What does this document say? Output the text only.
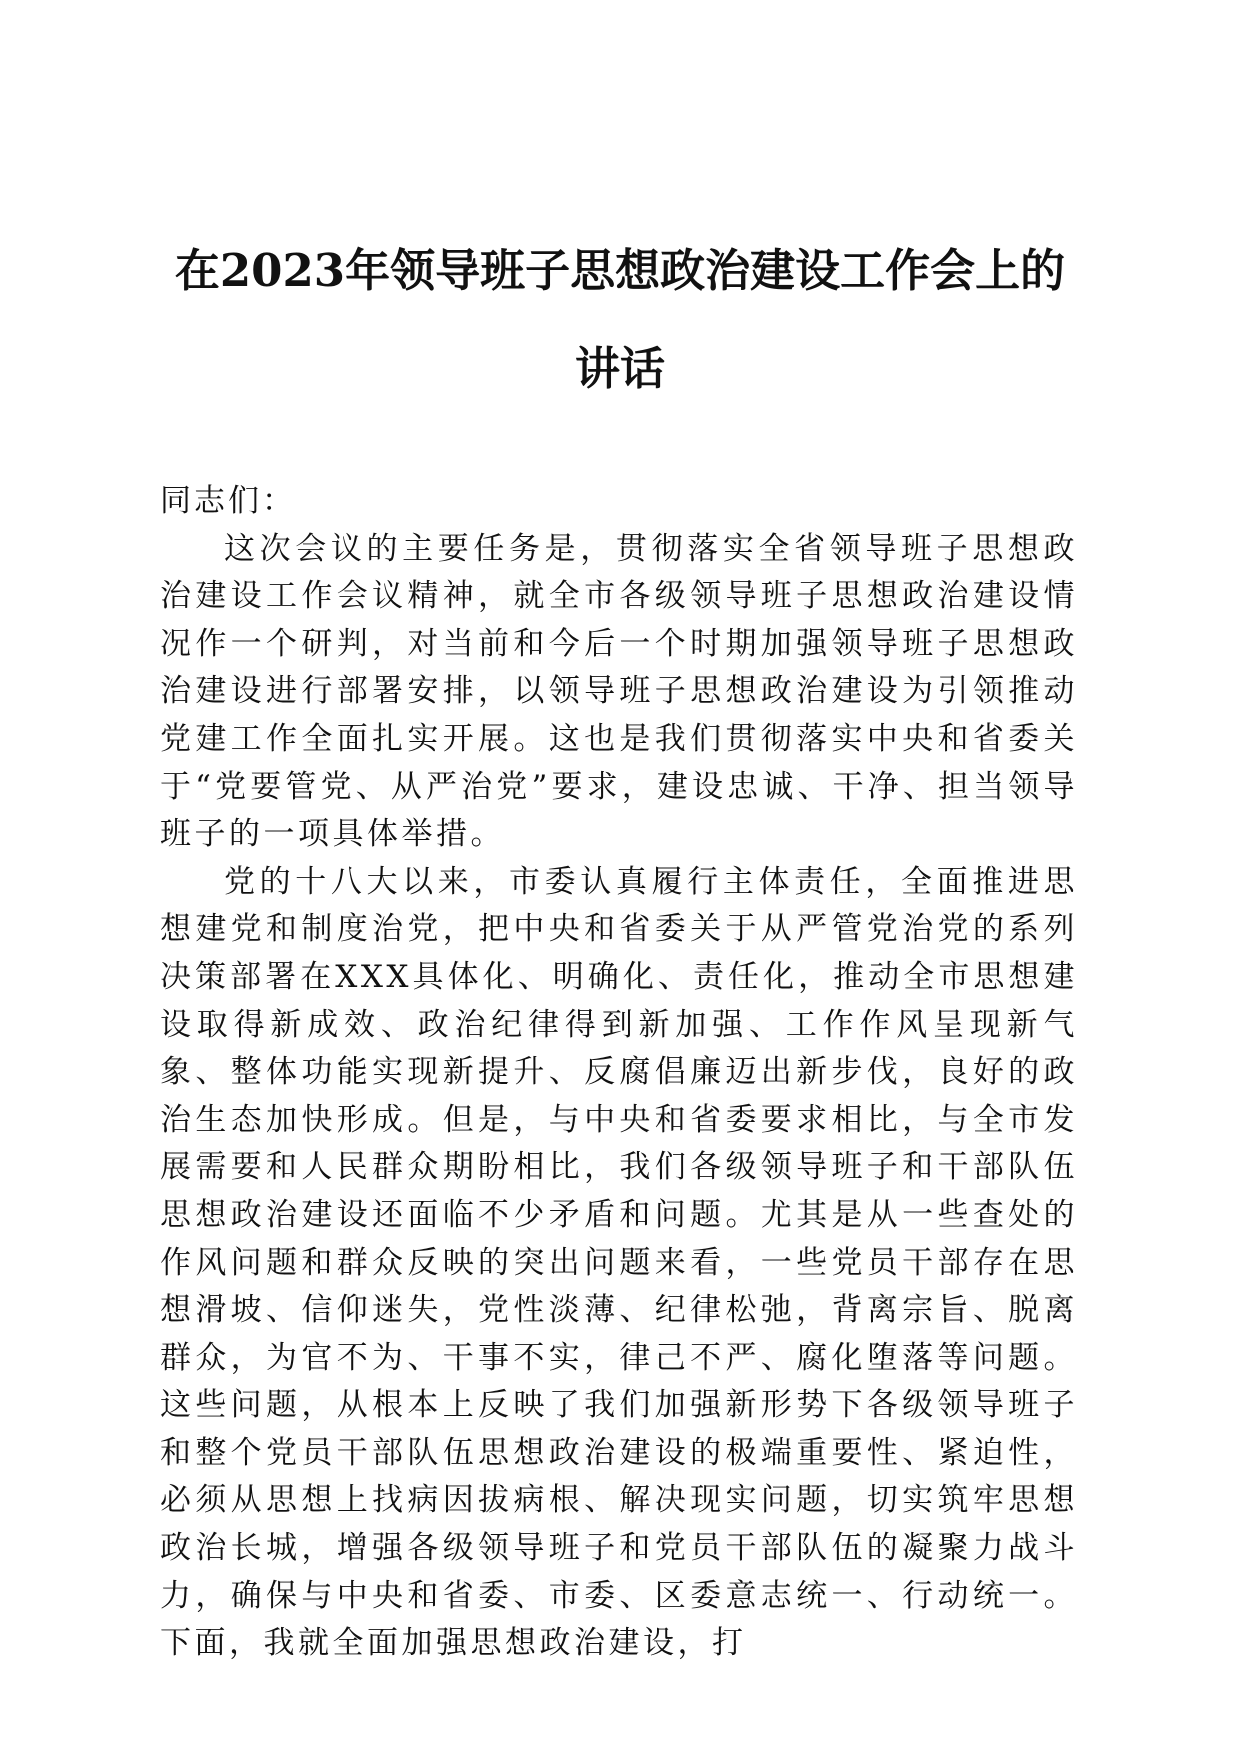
在2023年领导班子思想政治建设工作会上的
讲话

同志们：

这次会议的主要任务是，贯彻落实全省领导班子思想政治建设工作会议精神，就全市各级领导班子思想政治建设情况作一个研判，对当前和今后一个时期加强领导班子思想政治建设进行部署安排，以领导班子思想政治建设为引领推动党建工作全面扎实开展。这也是我们贯彻落实中央和省委关于“党要管党、从严治党”要求，建设忠诚、干净、担当领导班子的一项具体举措。

党的十八大以来，市委认真履行主体责任，全面推进思想建党和制度治党，把中央和省委关于从严管党治党的系列决策部署在XXX具体化、明确化、责任化，推动全市思想建设取得新成效、政治纪律得到新加强、工作作风呈现新气象、整体功能实现新提升、反腐倡廉迈出新步伐，良好的政治生态加快形成。但是，与中央和省委要求相比，与全市发展需要和人民群众期盼相比，我们各级领导班子和干部队伍思想政治建设还面临不少矛盾和问题。尤其是从一些查处的作风问题和群众反映的突出问题来看，一些党员干部存在思想滑坡、信仰迷失，党性淡薄、纪律松弛，背离宗旨、脱离群众，为官不为、干事不实，律己不严、腐化堕落等问题。这些问题，从根本上反映了我们加强新形势下各级领导班子和整个党员干部队伍思想政治建设的极端重要性、紧迫性，必须从思想上找病因拔病根、解决现实问题，切实筑牢思想政治长城，增强各级领导班子和党员干部队伍的凝聚力战斗力，确保与中央和省委、市委、区委意志统一、行动统一。下面，我就全面加强思想政治建设，打
